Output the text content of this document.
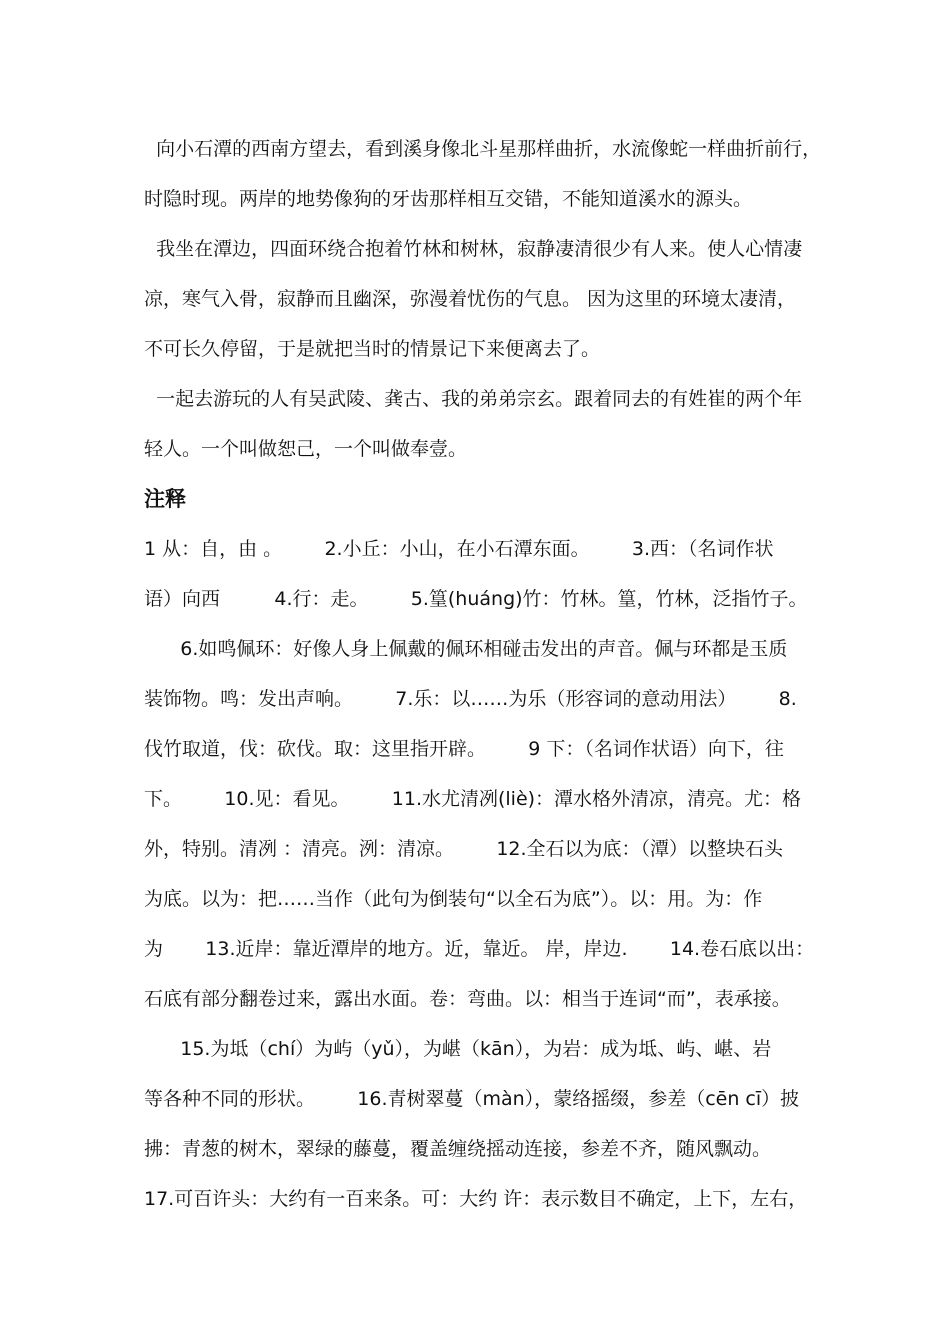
向小石潭的西南方望去，看到溪身像北斗星那样曲折，水流像蛇一样曲折前行，
时隐时现。两岸的地势像狗的牙齿那样相互交错，不能知道溪水的源头。
我坐在潭边，四面环绕合抱着竹林和树林，寂静凄清很少有人来。使人心情凄
凉，寒气入骨，寂静而且幽深，弥漫着忧伤的气息。 因为这里的环境太凄清，
不可长久停留，于是就把当时的情景记下来便离去了。
一起去游玩的人有吴武陵、龚古、我的弟弟宗玄。跟着同去的有姓崔的两个年
轻人。一个叫做恕己，一个叫做奉壹。
注释
1 从：自，由 。       2.小丘：小山，在小石潭东面。       3.西：（名词作状
语）向西         4.行：走。       5.篁(huáng)竹：竹林。篁，竹林，泛指竹子。
6.如鸣佩环：好像人身上佩戴的佩环相碰击发出的声音。佩与环都是玉质
装饰物。鸣：发出声响。       7.乐：以……为乐（形容词的意动用法）       8.
伐竹取道，伐：砍伐。取：这里指开辟。       9 下：（名词作状语）向下，往
下。       10.见：看见。       11.水尤清冽(liè)：潭水格外清凉，清亮。尤：格
外，特别。清冽 ：清亮。洌：清凉。       12.全石以为底：（潭）以整块石头
为底。以为：把……当作（此句为倒装句“以全石为底”）。以：用。为：作
为       13.近岸：靠近潭岸的地方。近，靠近。 岸，岸边.       14.卷石底以出：
石底有部分翻卷过来，露出水面。卷：弯曲。以：相当于连词“而”，表承接。
15.为坻（chí）为屿（yǔ），为嵁（kān），为岩：成为坻、屿、嵁、岩
等各种不同的形状。       16.青树翠蔓（màn），蒙络摇缀，参差（cēn cī）披
拂：青葱的树木，翠绿的藤蔓，覆盖缠绕摇动连接，参差不齐，随风飘动。
17.可百许头：大约有一百来条。可：大约 许：表示数目不确定，上下，左右，
